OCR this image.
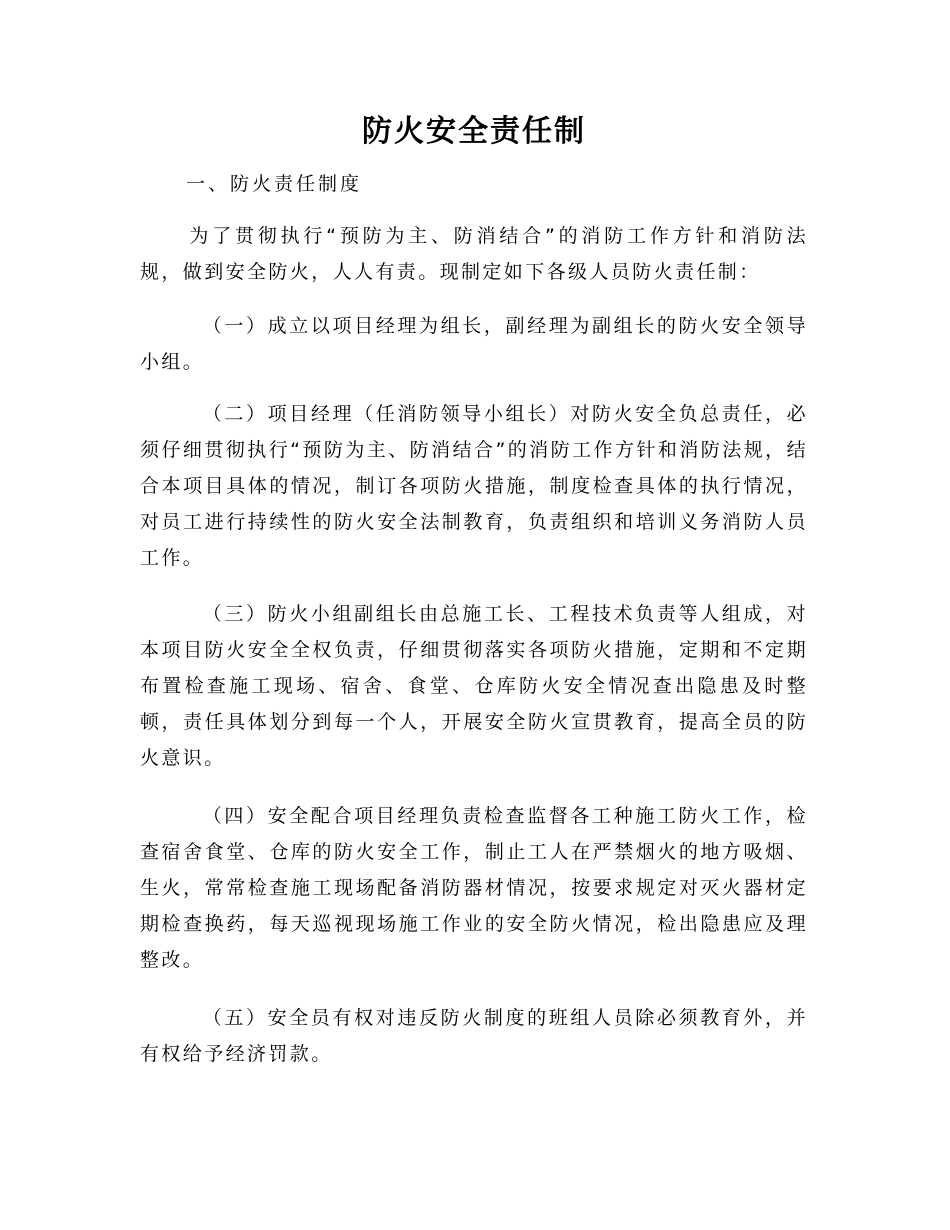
防火安全责任制

一、防火责任制度

为了贯彻执行“预防为主、防消结合”的消防工作方针和消防法规，做到安全防火，人人有责。现制定如下各级人员防火责任制：

（一）成立以项目经理为组长，副经理为副组长的防火安全领导小组。

（二）项目经理（任消防领导小组长）对防火安全负总责任，必须仔细贯彻执行“预防为主、防消结合”的消防工作方针和消防法规，结合本项目具体的情况，制订各项防火措施，制度检查具体的执行情况，对员工进行持续性的防火安全法制教育，负责组织和培训义务消防人员工作。

（三）防火小组副组长由总施工长、工程技术负责等人组成，对本项目防火安全全权负责，仔细贯彻落实各项防火措施，定期和不定期布置检查施工现场、宿舍、食堂、仓库防火安全情况查出隐患及时整顿，责任具体划分到每一个人，开展安全防火宣贯教育，提高全员的防火意识。

（四）安全配合项目经理负责检查监督各工种施工防火工作，检查宿舍食堂、仓库的防火安全工作，制止工人在严禁烟火的地方吸烟、生火，常常检查施工现场配备消防器材情况，按要求规定对灭火器材定期检查换药，每天巡视现场施工作业的安全防火情况，检出隐患应及理整改。

（五）安全员有权对违反防火制度的班组人员除必须教育外，并有权给予经济罚款。
